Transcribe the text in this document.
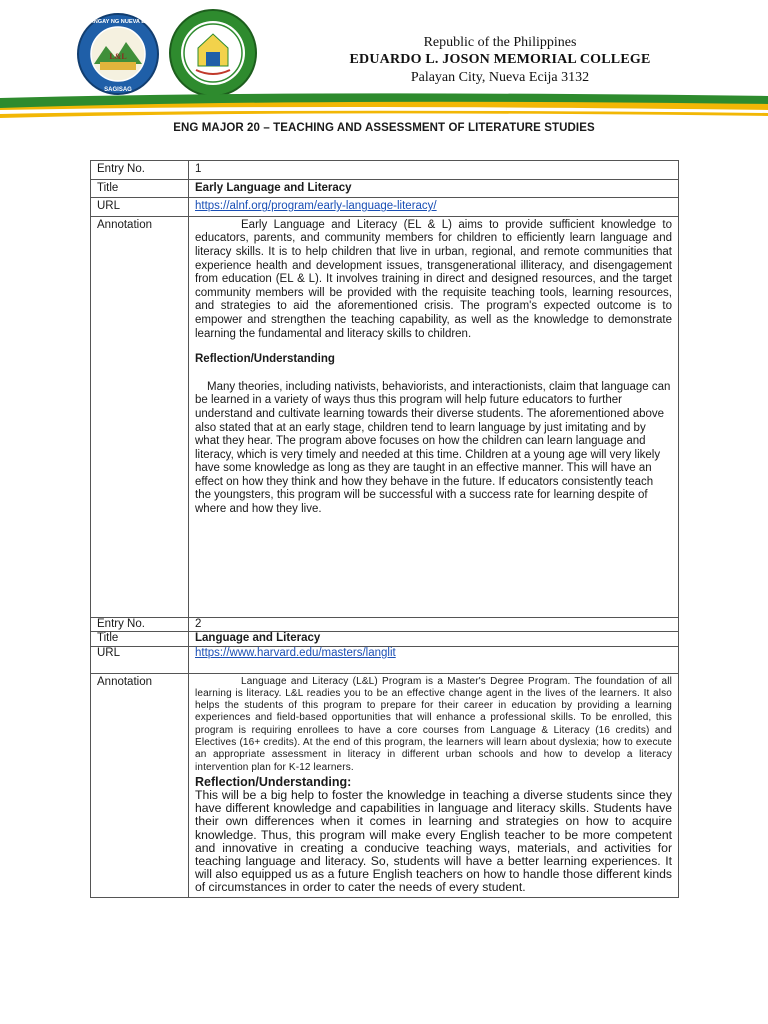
L&L
BALANGAY NG NUEVA ECIJA
SAGISAG
Republic of the Philippines
EDUARDO L. JOSON MEMORIAL COLLEGE
Palayan City, Nueva Ecija 3132
ENG MAJOR 20 – TEACHING AND ASSESSMENT OF LITERATURE STUDIES
Entry No.	1
Title	Early Language and Literacy
URL	https://alnf.org/program/early-language-literacy/
Annotation	Early Language and Literacy (EL & L) aims to provide sufficient knowledge to educators, parents, and community members for children to efficiently learn language and literacy skills. It is to help children that live in urban, regional, and remote communities that experience health and development issues, transgenerational illiteracy, and disengagement from education (EL & L). It involves training in direct and designed resources, and the target community members will be provided with the requisite teaching tools, learning resources, and strategies to aid the aforementioned crisis. The program's expected outcome is to empower and strengthen the teaching capability, as well as the knowledge to demonstrate learning the fundamental and literacy skills to children.

Reflection/Understanding

Many theories, including nativists, behaviorists, and interactionists, claim that language can be learned in a variety of ways thus this program will help future educators to further understand and cultivate learning towards their diverse students. The aforementioned above also stated that at an early stage, children tend to learn language by just imitating and by what they hear. The program above focuses on how the children can learn language and literacy, which is very timely and needed at this time. Children at a young age will very likely have some knowledge as long as they are taught in an effective manner. This will have an effect on how they think and how they behave in the future. If educators consistently teach the youngsters, this program will be successful with a success rate for learning despite of where and how they live.

Entry No.	2
Title	Language and Literacy
URL	https://www.harvard.edu/masters/langlit
Annotation	Language and Literacy (L&L) Program is a Master's Degree Program. The foundation of all learning is literacy. L&L readies you to be an effective change agent in the lives of the learners. It also helps the students of this program to prepare for their career in education by providing a learning experiences and field-based opportunities that will enhance a professional skills. To be enrolled, this program is requiring enrollees to have a core courses from Language & Literacy (16 credits) and Electives (16+ credits). At the end of this program, the learners will learn about dyslexia; how to execute an appropriate assessment in literacy in different urban schools and how to develop a literacy intervention plan for K-12 learners.

Reflection/Understanding:

This will be a big help to foster the knowledge in teaching a diverse students since they have different knowledge and capabilities in language and literacy skills. Students have their own differences when it comes in learning and strategies on how to acquire knowledge. Thus, this program will make every English teacher to be more competent and innovative in creating a conducive teaching ways, materials, and activities for teaching language and literacy. So, students will have a better learning experiences. It will also equipped us as a future English teachers on how to handle those different kinds of circumstances in order to cater the needs of every student.
